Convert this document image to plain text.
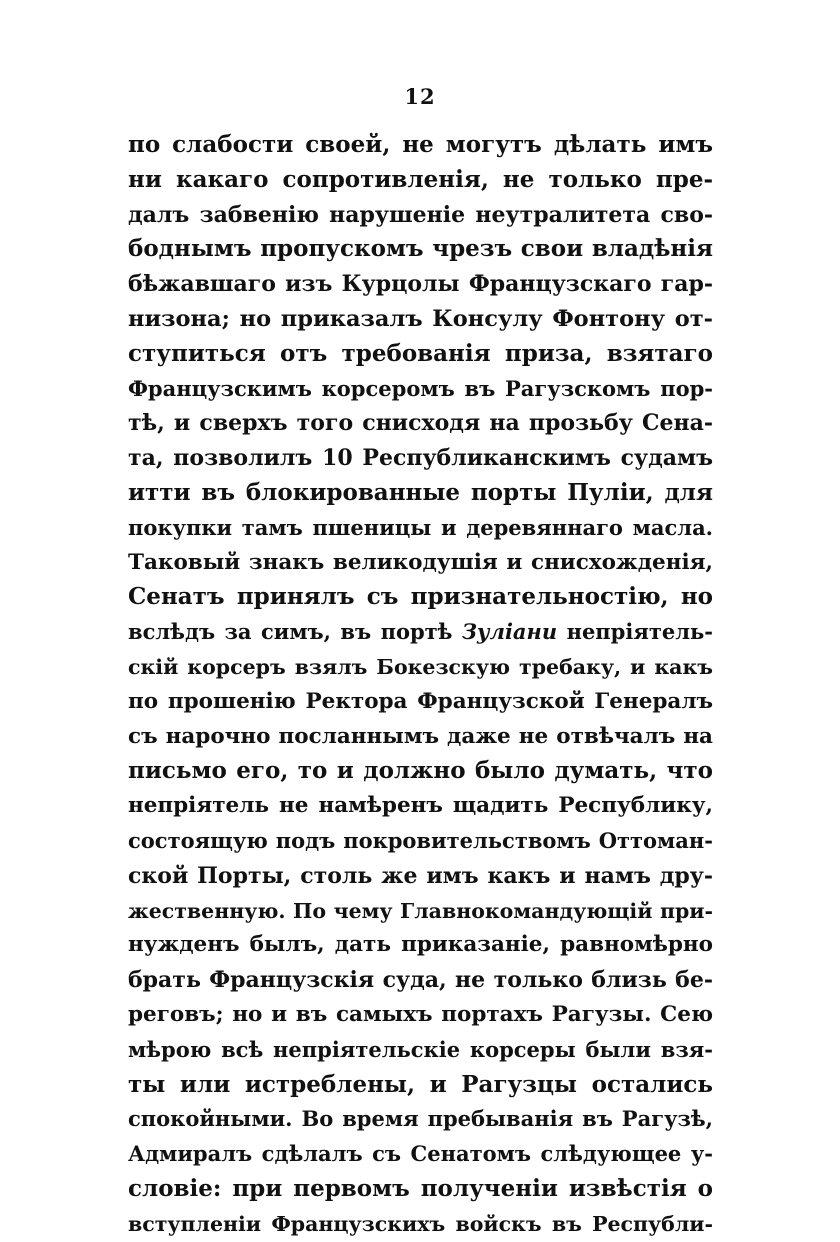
12
по слабости своей, не могутъ дѣлать имъ
ни какаго сопротивленія, не только пре-
далъ забвенію нарушеніе неутралитета сво-
боднымъ пропускомъ чрезъ свои владѣнія
бѣжавшаго изъ Курцолы Французскаго гар-
низона; но приказалъ Консулу Фонтону от-
ступиться отъ требованія приза, взятаго
Французскимъ корсеромъ въ Рагузскомъ пор-
тѣ, и сверхъ того снисходя на прозьбу Сена-
та, позволилъ 10 Республиканскимъ судамъ
итти въ блокированные порты Пуліи, для
покупки тамъ пшеницы и деревяннаго масла.
Таковый знакъ великодушія и снисхожденія,
Сенатъ принялъ съ признательностію, но
вслѣдъ за симъ, въ портѣ Зуліани непріятель-
скій корсеръ взялъ Бокезскую требаку, и какъ
по прошенію Ректора Французской Генералъ
съ нарочно посланнымъ даже не отвѣчалъ на
письмо его, то и должно было думать, что
непріятель не намѣренъ щадить Республику,
состоящую подъ покровительствомъ Оттоман-
ской Порты, столь же имъ какъ и намъ дру-
жественную. По чему Главнокомандующій при-
нужденъ былъ, дать приказаніе, равномѣрно
брать Французскія суда, не только близь бе-
реговъ; но и въ самыхъ портахъ Рагузы. Сею
мѣрою всѣ непріятельскіе корсеры были взя-
ты или истреблены, и Рагузцы остались
спокойными. Во время пребыванія въ Рагузѣ,
Адмиралъ сдѣлалъ съ Сенатомъ слѣдующее у-
словіе: при первомъ полученіи извѣстія о
вступленіи Французскихъ войскъ въ Республи-
